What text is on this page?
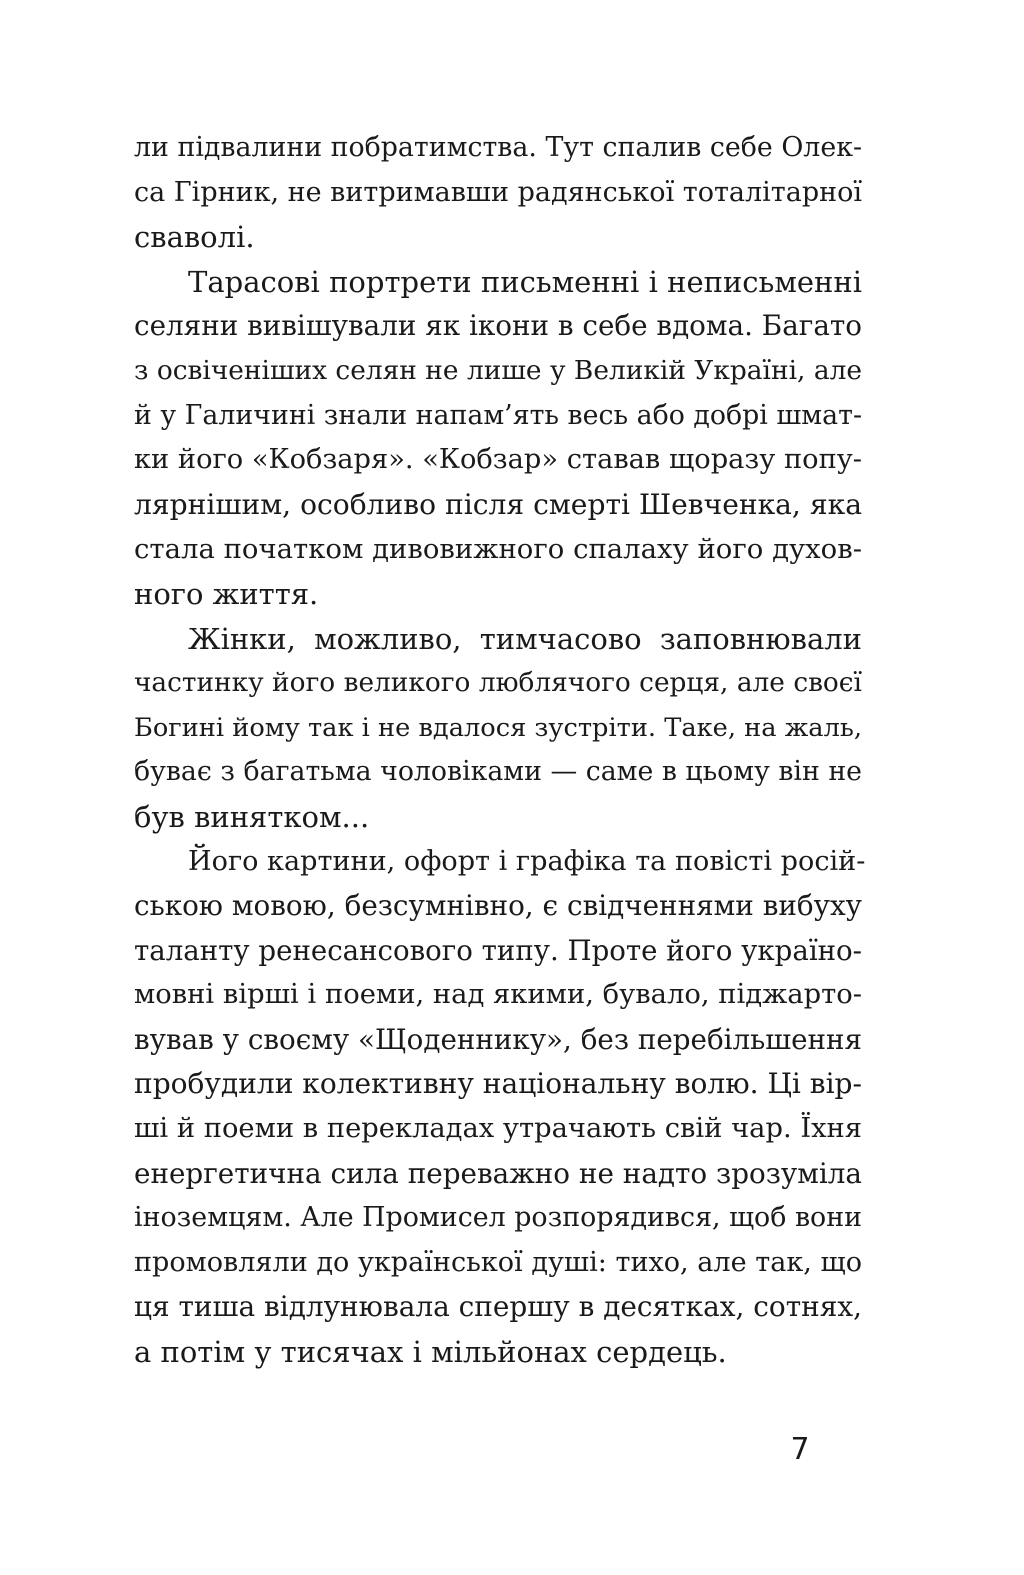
ли підвалини побратимства. Тут спалив себе Олек-
са Гірник, не витримавши радянської тоталітарної
сваволі.
Тарасові портрети письменні і неписьменні
селяни вивішували як ікони в себе вдома. Багато
з освіченіших селян не лише у Великій Україні, але
й у Галичині знали напам’ять весь або добрі шмат-
ки його «Кобзаря». «Кобзар» ставав щоразу попу-
лярнішим, особливо після смерті Шевченка, яка
стала початком дивовижного спалаху його духов-
ного життя.
Жінки, можливо, тимчасово заповнювали
частинку його великого люблячого серця, але своєї
Богині йому так і не вдалося зустріти. Таке, на жаль,
буває з багатьма чоловіками — саме в цьому він не
був винятком...
Його картини, офорт і графіка та повісті росій-
ською мовою, безсумнівно, є свідченнями вибуху
таланту ренесансового типу. Проте його україно-
мовні вірші і поеми, над якими, бувало, піджарто-
вував у своєму «Щоденнику», без перебільшення
пробудили колективну національну волю. Ці вір-
ші й поеми в перекладах утрачають свій чар. Їхня
енергетична сила переважно не надто зрозуміла
іноземцям. Але Промисел розпорядився, щоб вони
промовляли до української душі: тихо, але так, що
ця тиша відлунювала спершу в десятках, сотнях,
а потім у тисячах і мільйонах сердець.
7
